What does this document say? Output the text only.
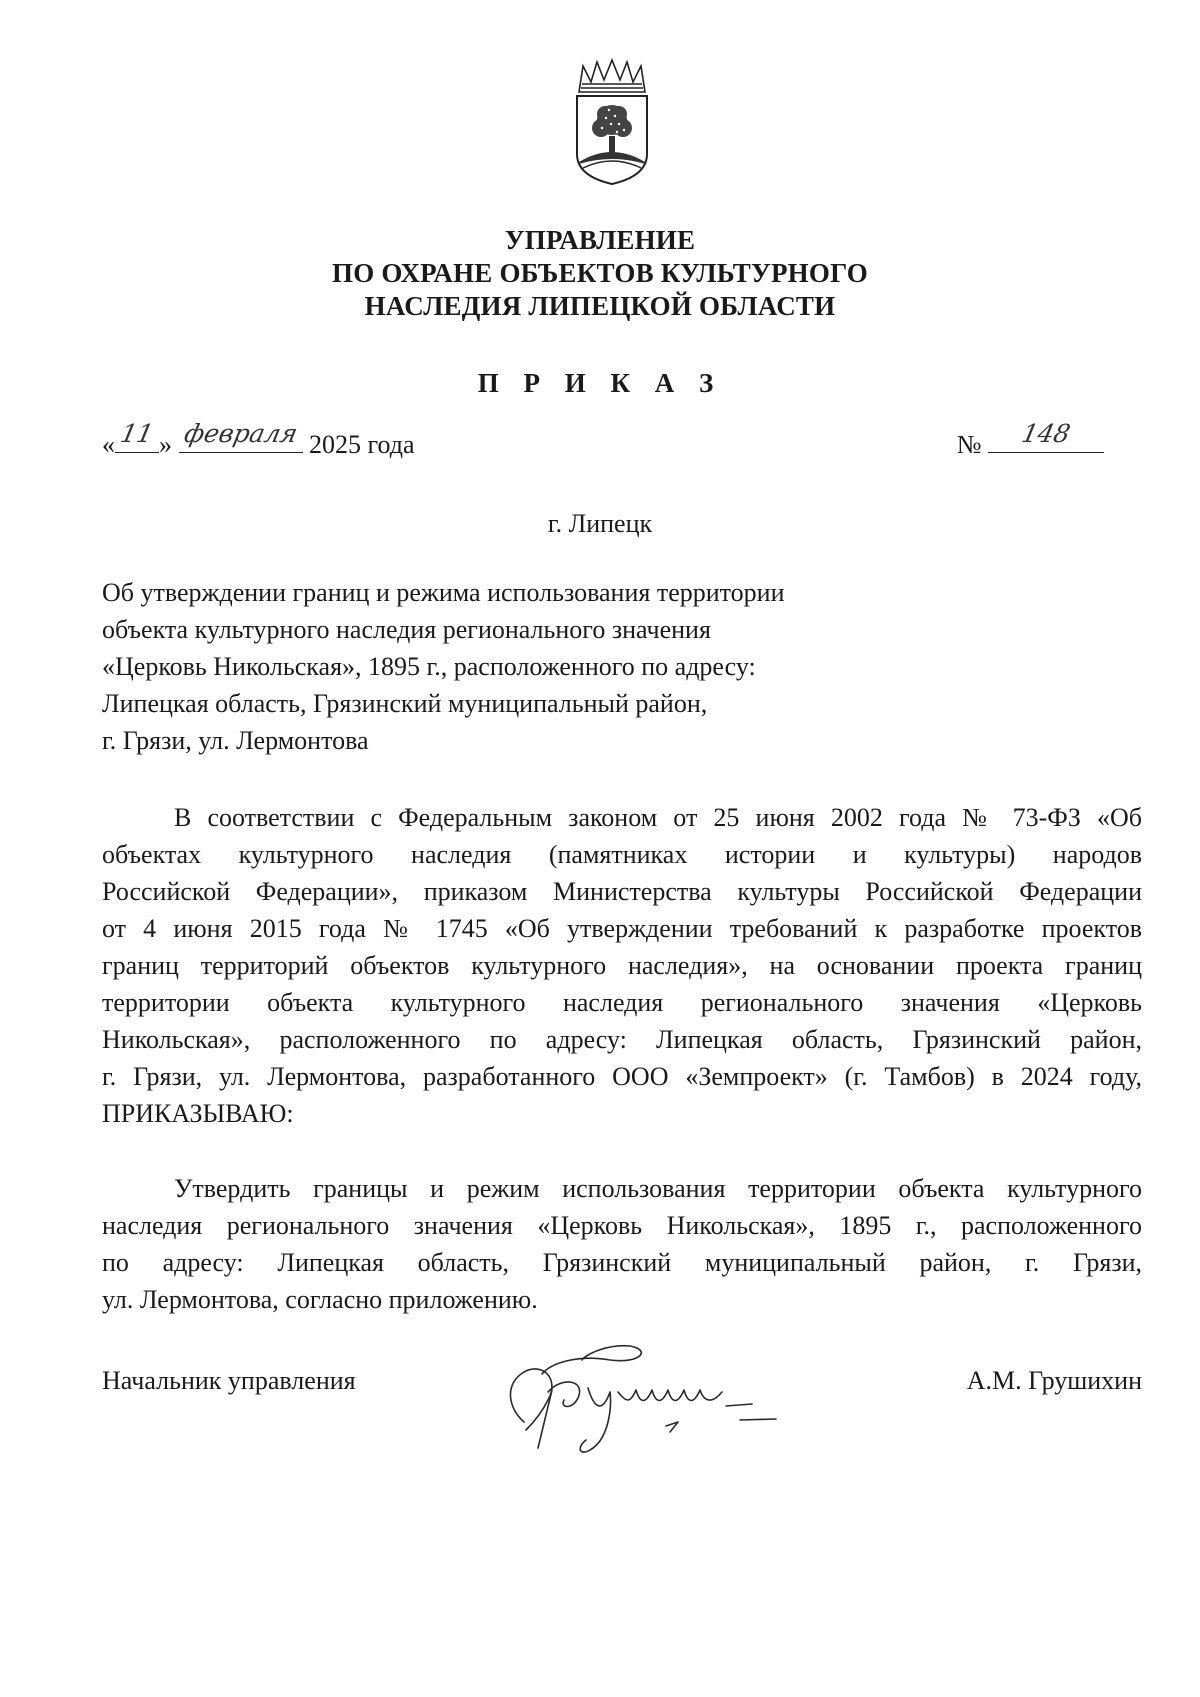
УПРАВЛЕНИЕ
ПО ОХРАНЕ ОБЪЕКТОВ КУЛЬТУРНОГО
НАСЛЕДИЯ ЛИПЕЦКОЙ ОБЛАСТИ
П Р И К А З
« 11 » февраля 2025 года	№	148
г. Липецк
Об утверждении границ и режима использования территории
объекта культурного наследия регионального значения
«Церковь Никольская», 1895 г., расположенного по адресу:
Липецкая область, Грязинский муниципальный район,
г. Грязи, ул. Лермонтова
В соответствии с Федеральным законом от 25 июня 2002 года № 73-ФЗ «Об
объектах культурного наследия (памятниках истории и культуры) народов
Российской Федерации», приказом Министерства культуры Российской Федерации
от 4 июня 2015 года № 1745 «Об утверждении требований к разработке проектов
границ территорий объектов культурного наследия», на основании проекта границ
территории объекта культурного наследия регионального значения «Церковь
Никольская», расположенного по адресу: Липецкая область, Грязинский район,
г. Грязи, ул. Лермонтова, разработанного ООО «Земпроект» (г. Тамбов) в 2024 году,
ПРИКАЗЫВАЮ:
Утвердить границы и режим использования территории объекта культурного
наследия регионального значения «Церковь Никольская», 1895 г., расположенного
по адресу: Липецкая область, Грязинский муниципальный район, г. Грязи,
ул. Лермонтова, согласно приложению.
Начальник управления	А.М. Грушихин
